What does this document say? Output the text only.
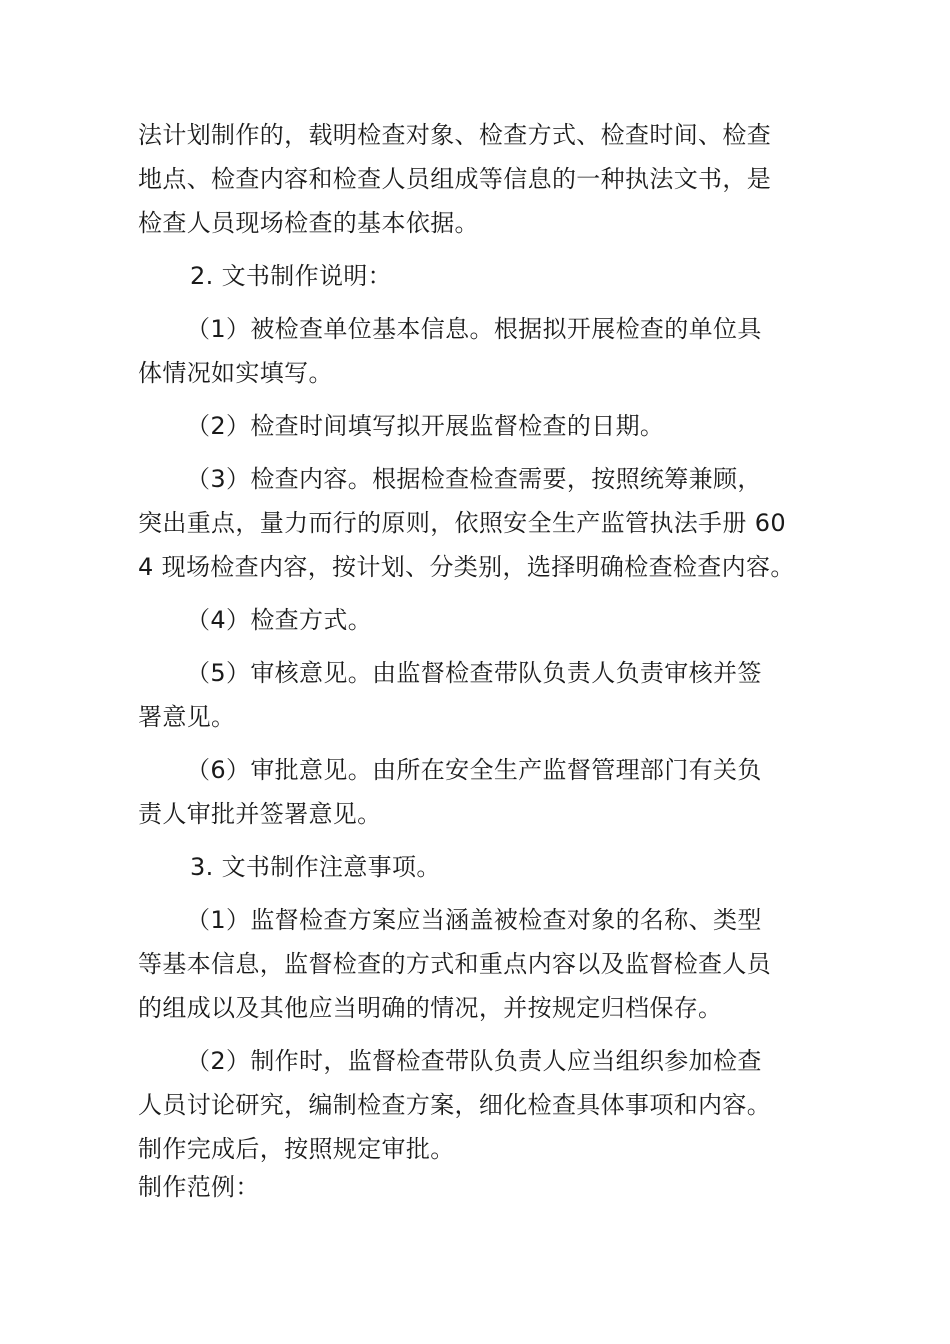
法计划制作的，载明检查对象、检查方式、检查时间、检查
地点、检查内容和检查人员组成等信息的一种执法文书，是
检查人员现场检查的基本依据。
2. 文书制作说明：
（1）被检查单位基本信息。根据拟开展检查的单位具
体情况如实填写。
（2）检查时间填写拟开展监督检查的日期。
（3）检查内容。根据检查检查需要，按照统筹兼顾，
突出重点，量力而行的原则，依照安全生产监管执法手册 60
4 现场检查内容，按计划、分类别，选择明确检查检查内容。
（4）检查方式。
（5）审核意见。由监督检查带队负责人负责审核并签
署意见。
（6）审批意见。由所在安全生产监督管理部门有关负
责人审批并签署意见。
3. 文书制作注意事项。
（1）监督检查方案应当涵盖被检查对象的名称、类型
等基本信息，监督检查的方式和重点内容以及监督检查人员
的组成以及其他应当明确的情况，并按规定归档保存。
（2）制作时，监督检查带队负责人应当组织参加检查
人员讨论研究，编制检查方案，细化检查具体事项和内容。
制作完成后，按照规定审批。
制作范例：
